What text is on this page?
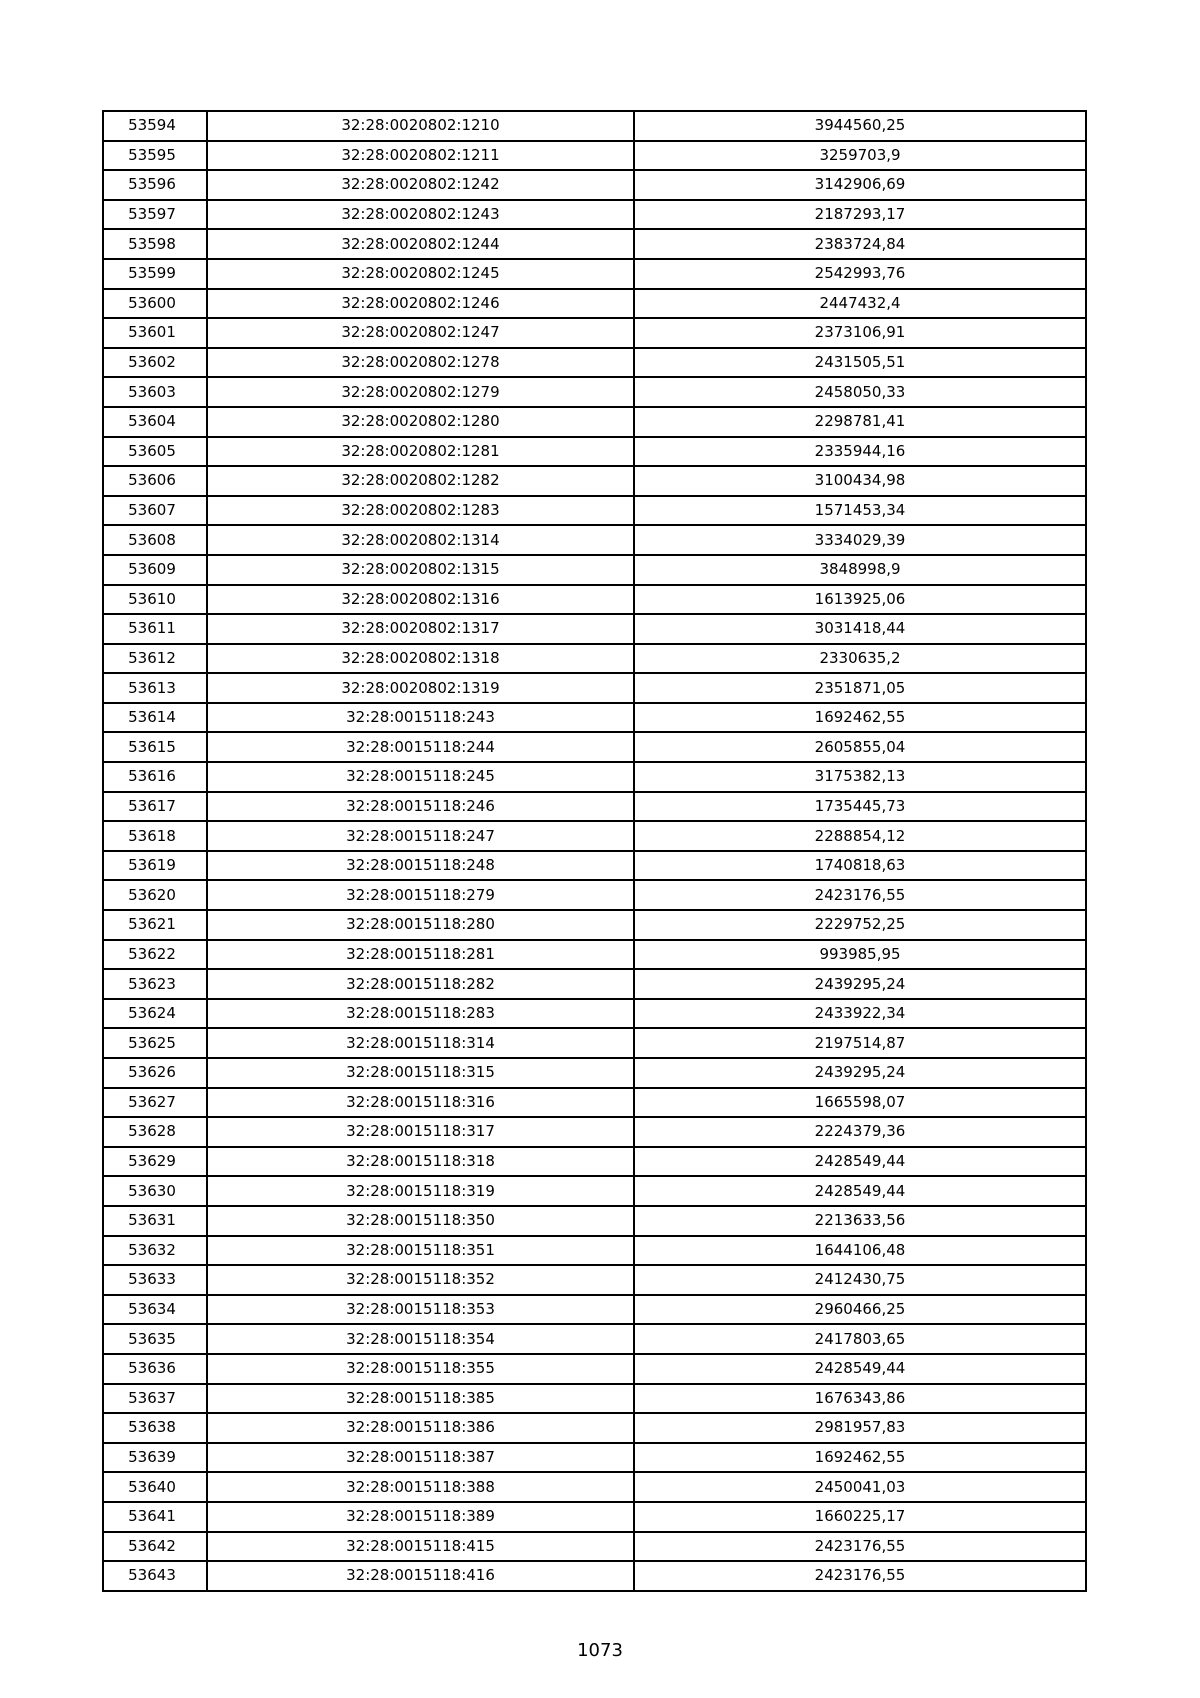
53594	32:28:0020802:1210	3944560,25
53595	32:28:0020802:1211	3259703,9
53596	32:28:0020802:1242	3142906,69
53597	32:28:0020802:1243	2187293,17
53598	32:28:0020802:1244	2383724,84
53599	32:28:0020802:1245	2542993,76
53600	32:28:0020802:1246	2447432,4
53601	32:28:0020802:1247	2373106,91
53602	32:28:0020802:1278	2431505,51
53603	32:28:0020802:1279	2458050,33
53604	32:28:0020802:1280	2298781,41
53605	32:28:0020802:1281	2335944,16
53606	32:28:0020802:1282	3100434,98
53607	32:28:0020802:1283	1571453,34
53608	32:28:0020802:1314	3334029,39
53609	32:28:0020802:1315	3848998,9
53610	32:28:0020802:1316	1613925,06
53611	32:28:0020802:1317	3031418,44
53612	32:28:0020802:1318	2330635,2
53613	32:28:0020802:1319	2351871,05
53614	32:28:0015118:243	1692462,55
53615	32:28:0015118:244	2605855,04
53616	32:28:0015118:245	3175382,13
53617	32:28:0015118:246	1735445,73
53618	32:28:0015118:247	2288854,12
53619	32:28:0015118:248	1740818,63
53620	32:28:0015118:279	2423176,55
53621	32:28:0015118:280	2229752,25
53622	32:28:0015118:281	993985,95
53623	32:28:0015118:282	2439295,24
53624	32:28:0015118:283	2433922,34
53625	32:28:0015118:314	2197514,87
53626	32:28:0015118:315	2439295,24
53627	32:28:0015118:316	1665598,07
53628	32:28:0015118:317	2224379,36
53629	32:28:0015118:318	2428549,44
53630	32:28:0015118:319	2428549,44
53631	32:28:0015118:350	2213633,56
53632	32:28:0015118:351	1644106,48
53633	32:28:0015118:352	2412430,75
53634	32:28:0015118:353	2960466,25
53635	32:28:0015118:354	2417803,65
53636	32:28:0015118:355	2428549,44
53637	32:28:0015118:385	1676343,86
53638	32:28:0015118:386	2981957,83
53639	32:28:0015118:387	1692462,55
53640	32:28:0015118:388	2450041,03
53641	32:28:0015118:389	1660225,17
53642	32:28:0015118:415	2423176,55
53643	32:28:0015118:416	2423176,55
1073
